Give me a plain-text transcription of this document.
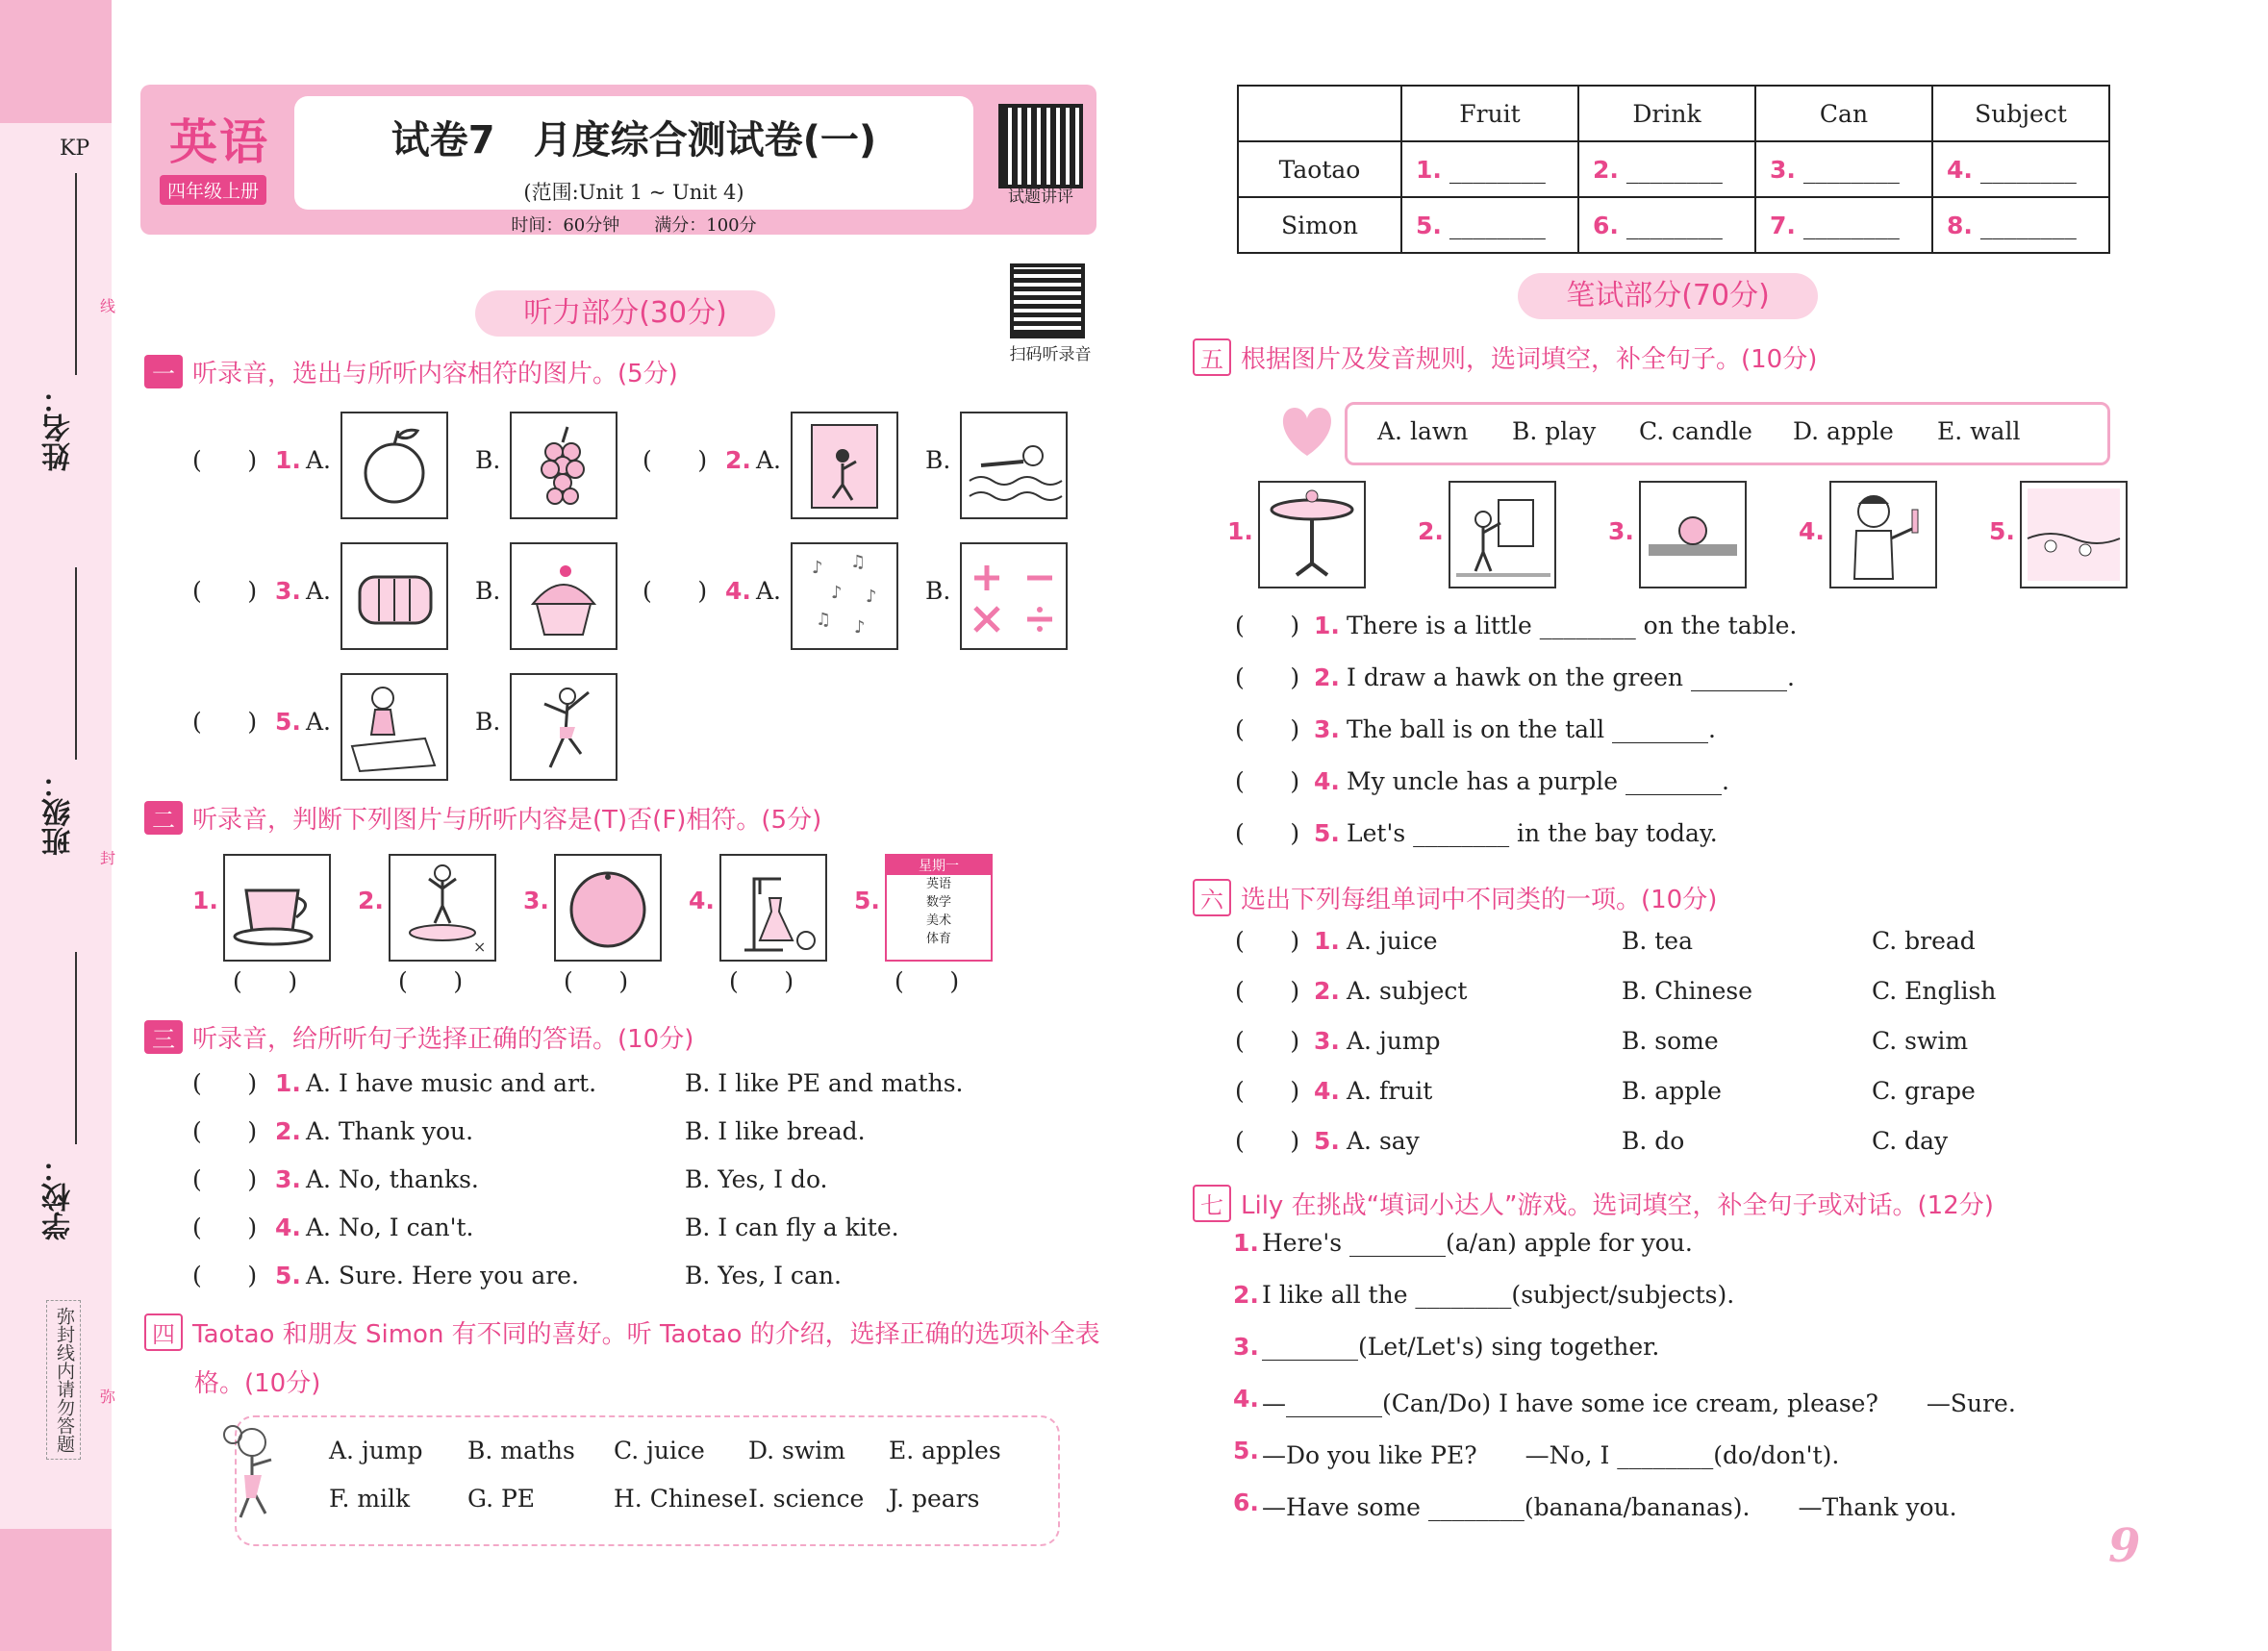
KP
姓名：
班级：
学校：
弥封线内请勿答题
线
封
弥
英语
四年级上册
试卷7　月度综合测试卷(一)
(范围:Unit 1 ~ Unit 4)
时间：60分钟　　满分：100分
试题讲评
扫码听录音
听力部分(30分)
一 听录音，选出与所听内容相符的图片。(5分)
(      ) 1. A.	B.	(      ) 2. A.	B.
(      ) 3. A.	B.	(      ) 4. A.
♪ ♫
♪ ♪
♫ ♪
B.
(      ) 5. A.	B.
二 听录音，判断下列图片与所听内容是(T)否(F)相符。(5分)
1.
(      )
2.
×
(      )
3.
(      )
4.
(      )
5.
星期一
英语
数学
美术
体育
(      )
三 听录音，给所听句子选择正确的答语。(10分)
(      ) 1. A. I have music and art.	B. I like PE and maths.
(      ) 2. A. Thank you.	B. I like bread.
(      ) 3. A. No, thanks.	B. Yes, I do.
(      ) 4. A. No, I can't.	B. I can fly a kite.
(      ) 5. A. Sure. Here you are.	B. Yes, I can.
四 Taotao 和朋友 Simon 有不同的喜好。听 Taotao 的介绍，选择正确的选项补全表
格。(10分)
A. jump B. maths C. juice D. swim E. apples
F. milk G. PE	H. Chinese I. science J. pears
	Fruit	Drink	Can	Subject
Taotao	1. ________	2. ________	3. ________	4. ________
Simon	5. ________	6. ________	7. ________	8. ________
笔试部分(70分)
五 根据图片及发音规则，选词填空，补全句子。(10分)
A. lawn B. play C. candle D. apple E. wall
1.	2.	3.	4.	5.
(      ) 1. There is a little ________ on the table.
(      ) 2. I draw a hawk on the green ________.
(      ) 3. The ball is on the tall ________.
(      ) 4. My uncle has a purple ________.
(      ) 5. Let's ________ in the bay today.
六 选出下列每组单词中不同类的一项。(10分)
(      ) 1. A. juice	B. tea	C. bread
(      ) 2. A. subject	B. Chinese	C. English
(      ) 3. A. jump	B. some	C. swim
(      ) 4. A. fruit	B. apple	C. grape
(      ) 5. A. say	B. do	C. day
七 Lily 在挑战“填词小达人”游戏。选词填空，补全句子或对话。(12分)
1. Here's ________(a/an) apple for you.
2. I like all the ________(subject/subjects).
3. ________(Let/Let's) sing together.
4. —________(Can/Do) I have some ice cream, please?　　—Sure.
5. —Do you like PE?　　—No, I ________(do/don't).
6. —Have some ________(banana/bananas).　　—Thank you.
9
